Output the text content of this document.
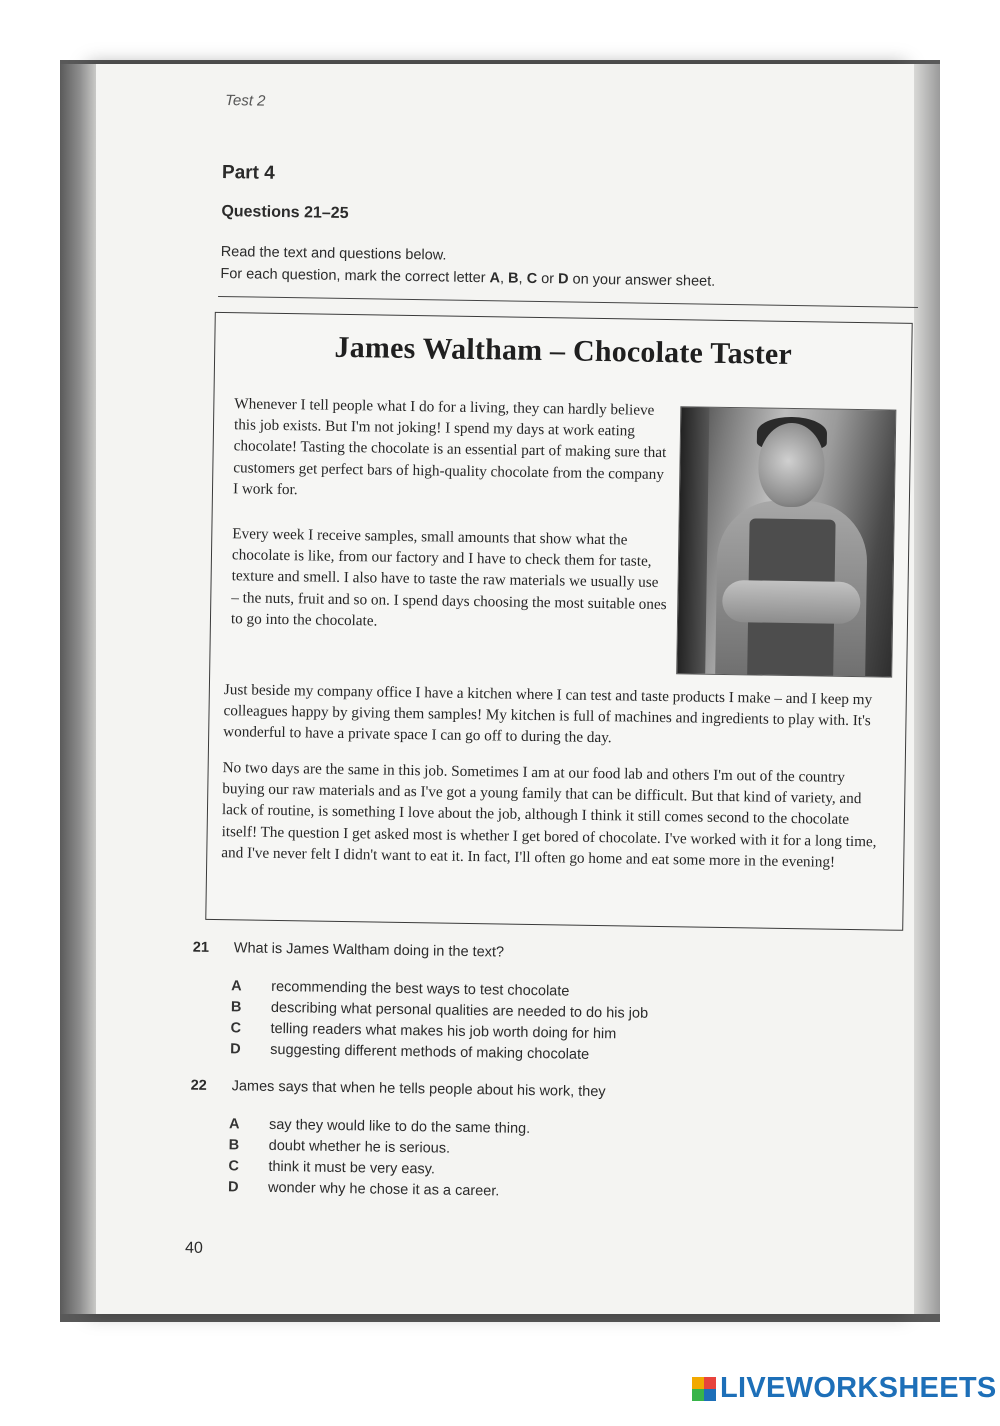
Test 2
Part 4
Questions 21–25
Read the text and questions below.
For each question, mark the correct letter A, B, C or D on your answer sheet.
James Waltham – Chocolate Taster

Whenever I tell people what I do for a living, they can hardly believe this job exists. But I'm not joking! I spend my days at work eating chocolate! Tasting the chocolate is an essential part of making sure that customers get perfect bars of high-quality chocolate from the company I work for.

Every week I receive samples, small amounts that show what the chocolate is like, from our factory and I have to check them for taste, texture and smell. I also have to taste the raw materials we usually use – the nuts, fruit and so on. I spend days choosing the most suitable ones to go into the chocolate.

Just beside my company office I have a kitchen where I can test and taste products I make – and I keep my colleagues happy by giving them samples! My kitchen is full of machines and ingredients to play with. It's wonderful to have a private space I can go off to during the day.

No two days are the same in this job. Sometimes I am at our food lab and others I'm out of the country buying our raw materials and as I've got a young family that can be difficult. But that kind of variety, and lack of routine, is something I love about the job, although I think it still comes second to the chocolate itself! The question I get asked most is whether I get bored of chocolate. I've worked with it for a long time, and I've never felt I didn't want to eat it. In fact, I'll often go home and eat some more in the evening!

21 What is James Waltham doing in the text?
A recommending the best ways to test chocolate
B describing what personal qualities are needed to do his job
C telling readers what makes his job worth doing for him
D suggesting different methods of making chocolate
22 James says that when he tells people about his work, they
A say they would like to do the same thing.
B doubt whether he is serious.
C think it must be very easy.
D wonder why he chose it as a career.
40
LIVEWORKSHEETS
